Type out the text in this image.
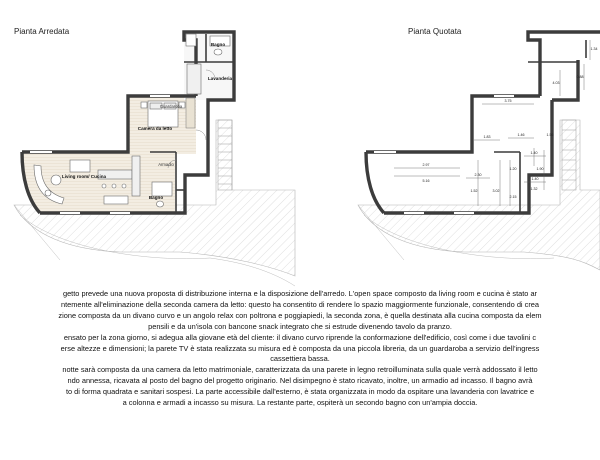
Pianta Arredata	Pianta Quotata
Bagno
Lavanderia
Camera da letto
Living room/ Cucina
Bagno
Guardaroba
Armadio
3.75
1.46
1.83	1.56
2.97
2.30
5.16
1.52	3.02
1.20
2.15
1.40
1.40
1.90
1.32
4.03
0.88
1.34
getto prevede una nuova proposta di distribuzione interna e la disposizione dell'arredo. L'open space composto da living room e cucina è stato ar
ntemente all'eliminazione della seconda camera da letto: questo ha consentito di rendere lo spazio maggiormente funzionale, consentendo di crea
zione composta da un divano curvo e un angolo relax con poltrona e poggiapiedi, la seconda zona, è quella destinata alla cucina composta da elem
pensili e da un'isola con bancone snack integrato che si estrude divenendo tavolo da pranzo.
ensato per la zona giorno, si adegua alla giovane età del cliente: il divano curvo riprende la conformazione dell'edificio, così come i due tavolini c
erse altezze e dimensioni; la parete TV è stata realizzata su misura ed è composta da una piccola libreria, da un guardaroba a servizio dell'ingress
cassettiera bassa.
notte sarà composta da una camera da letto matrimoniale, caratterizzata da una parete in legno retroilluminata sulla quale verrà addossato il letto
ndo annessa, ricavata al posto del bagno del progetto originario. Nel disimpegno è stato ricavato, inoltre, un armadio ad incasso. Il bagno avrà
to di forma quadrata e sanitari sospesi. La parte accessibile dall'esterno, è stata organizzata in modo da ospitare una lavanderia con lavatrice e
a colonna e armadi a incasso su misura. La restante parte, ospiterà un secondo bagno con un'ampia doccia.
